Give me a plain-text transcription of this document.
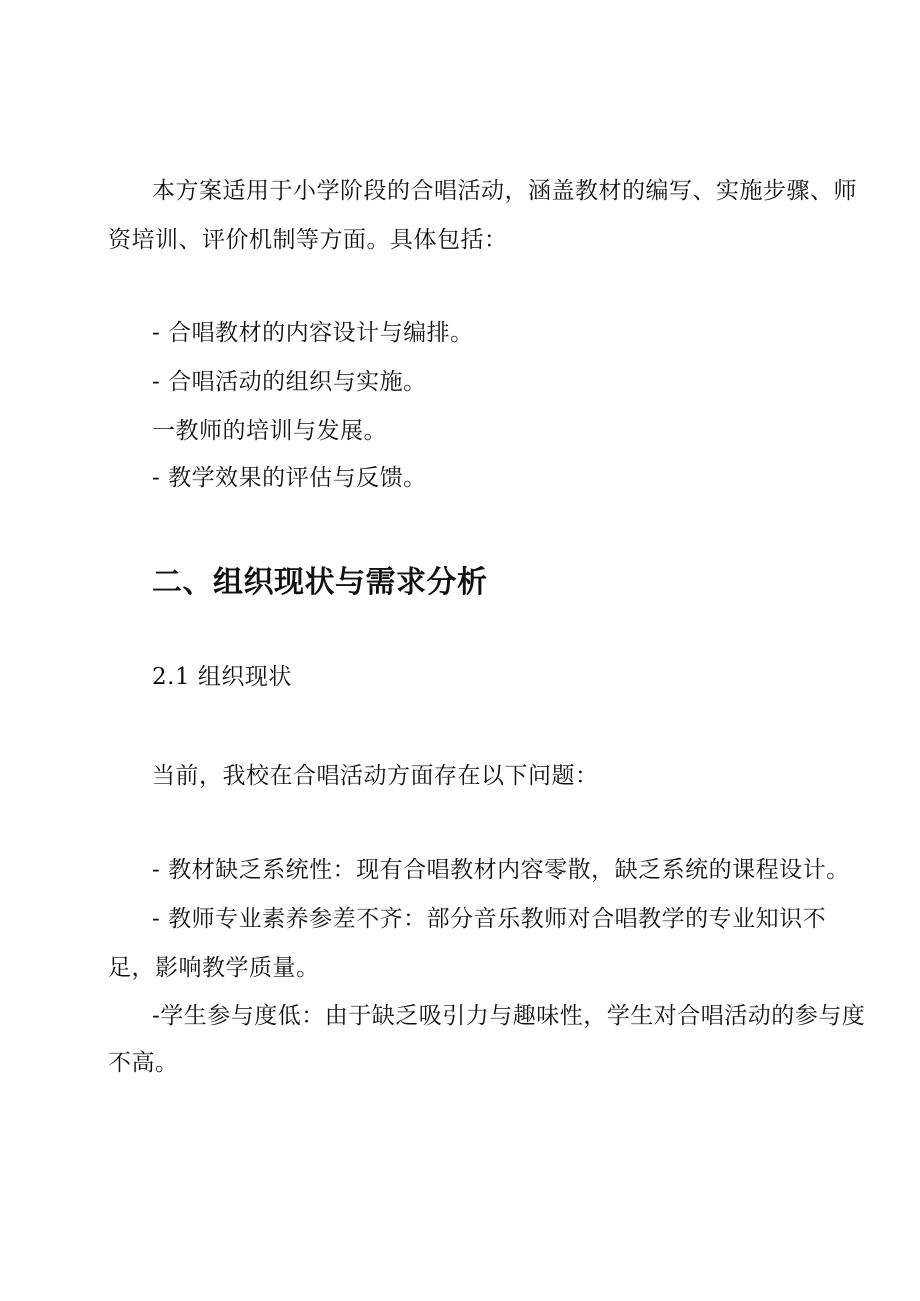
本方案适用于小学阶段的合唱活动，涵盖教材的编写、实施步骤、师
资培训、评价机制等方面。具体包括：
- 合唱教材的内容设计与编排。
- 合唱活动的组织与实施。
一教师的培训与发展。
- 教学效果的评估与反馈。
二、组织现状与需求分析
2.1 组织现状
当前，我校在合唱活动方面存在以下问题：
- 教材缺乏系统性：现有合唱教材内容零散，缺乏系统的课程设计。
- 教师专业素养参差不齐：部分音乐教师对合唱教学的专业知识不
足，影响教学质量。
-学生参与度低：由于缺乏吸引力与趣味性，学生对合唱活动的参与度
不高。
